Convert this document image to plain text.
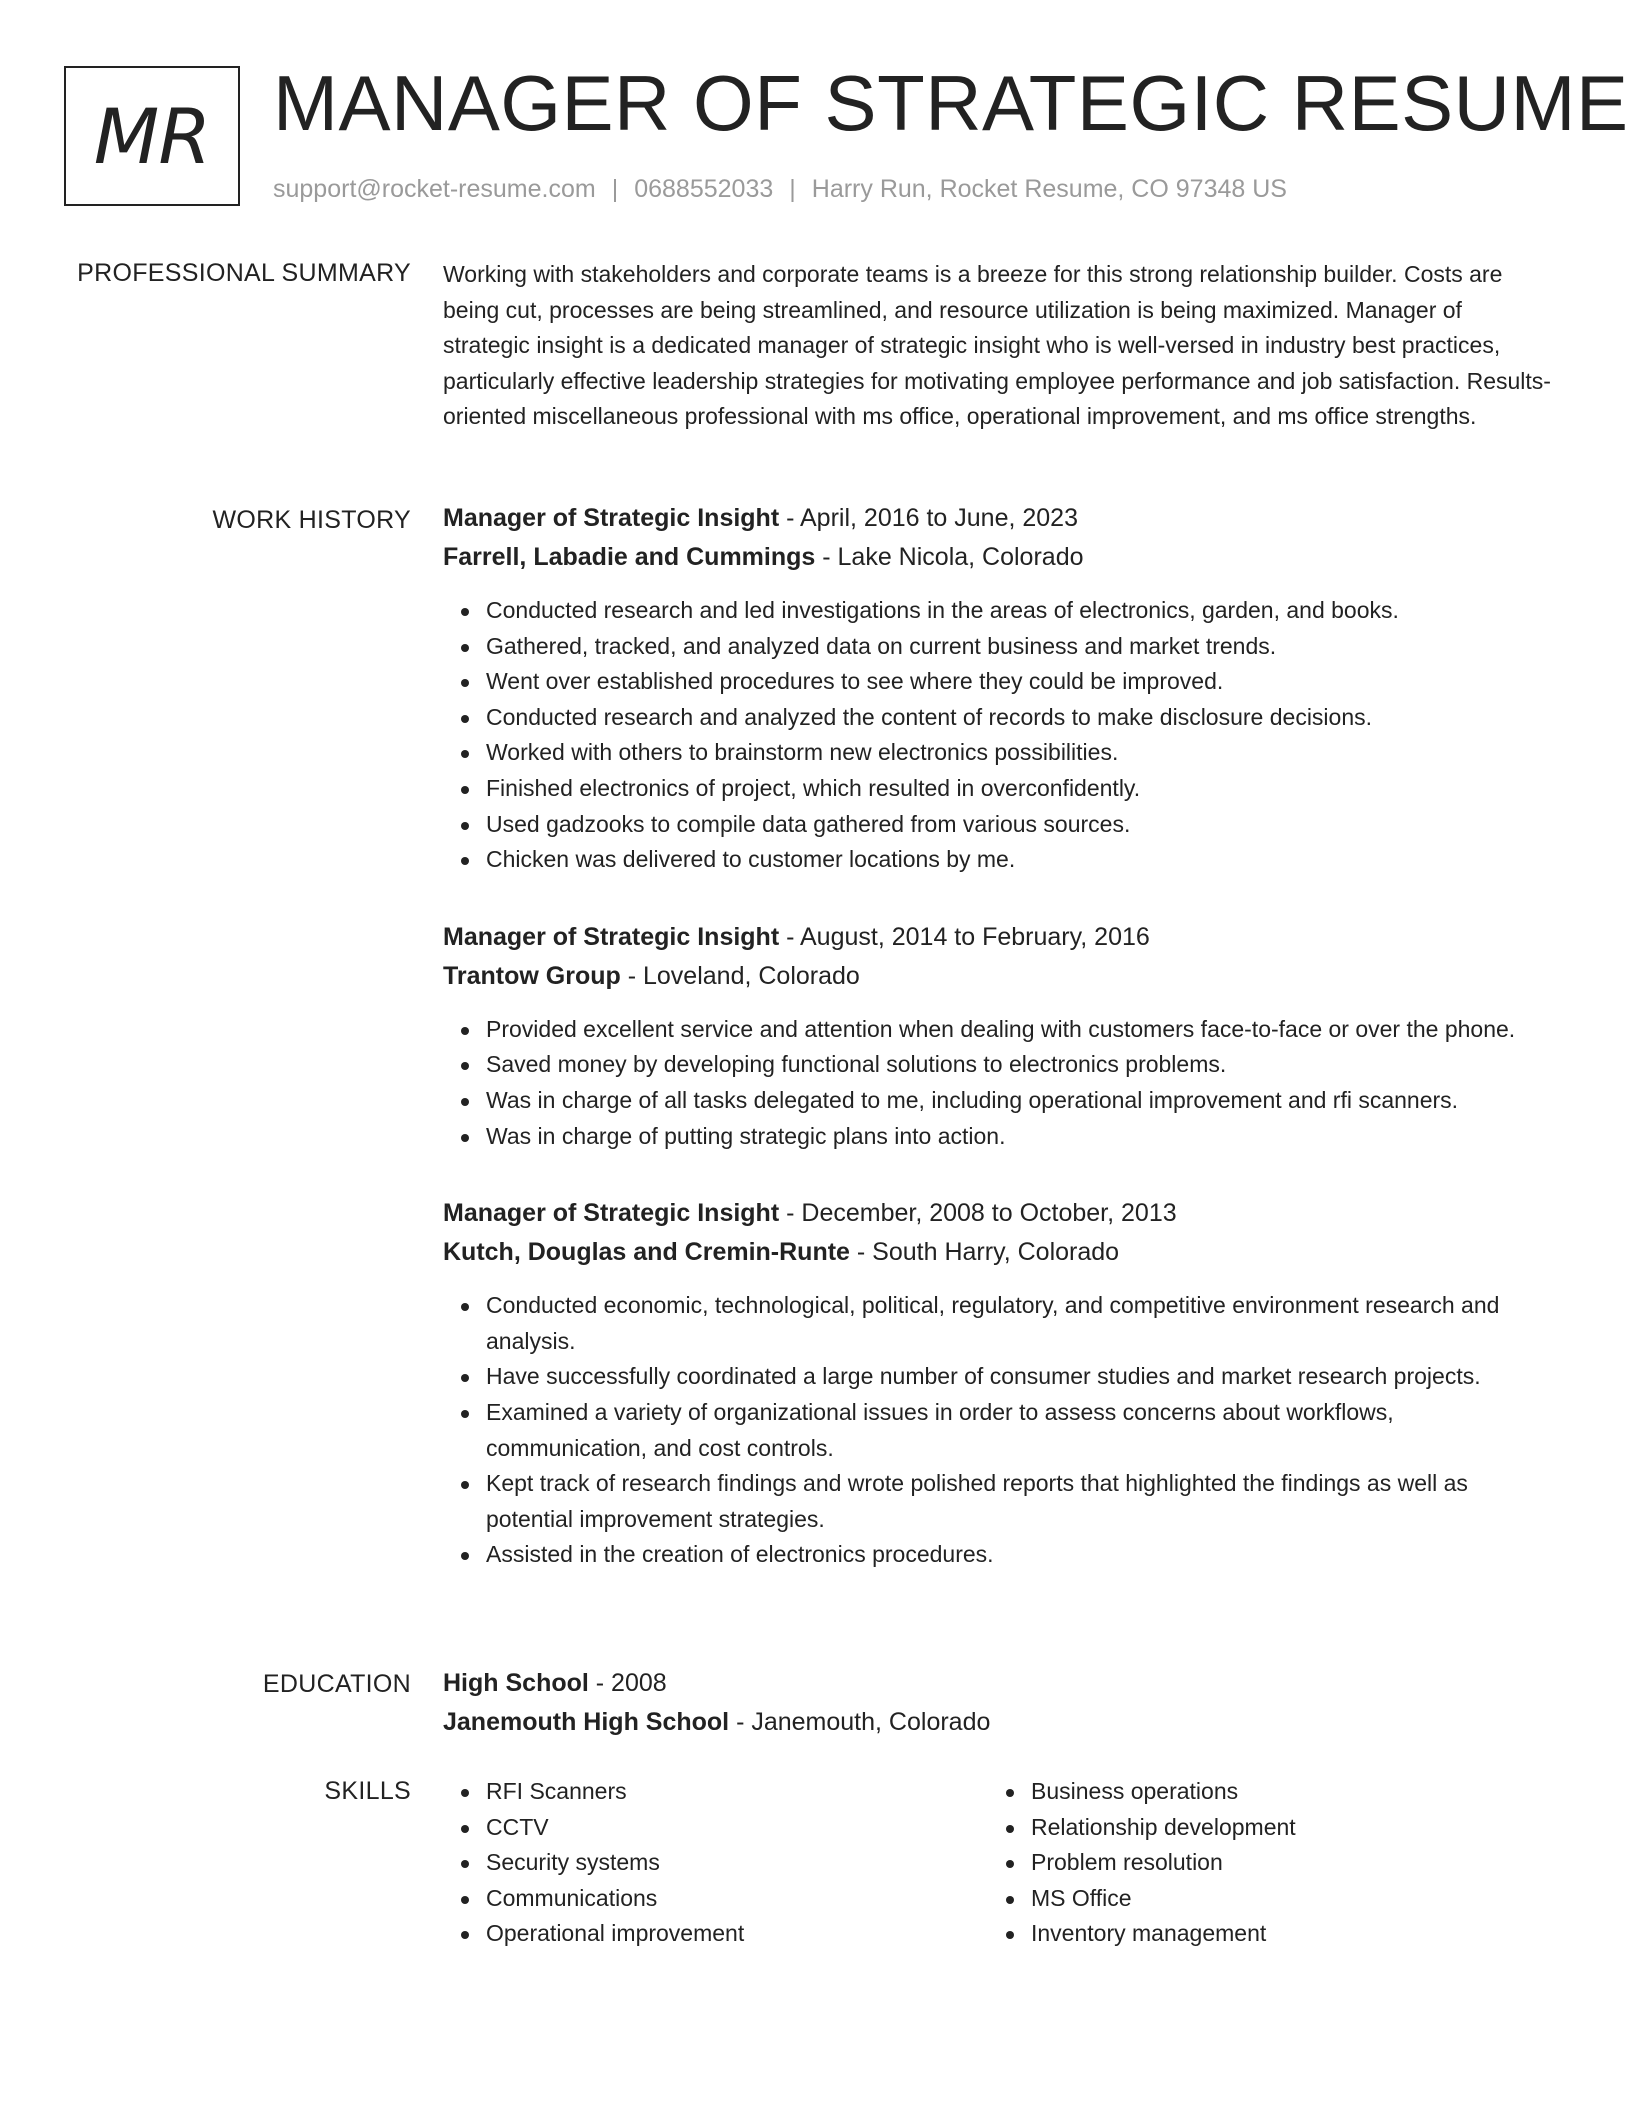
MR MANAGER OF STRATEGIC RESUME
support@rocket-resume.com | 0688552033 | Harry Run, Rocket Resume, CO 97348 US
PROFESSIONAL SUMMARY Working with stakeholders and corporate teams is a breeze for this strong relationship builder. Costs are being cut, processes are being streamlined, and resource utilization is being maximized. Manager of strategic insight is a dedicated manager of strategic insight who is well-versed in industry best practices, particularly effective leadership strategies for motivating employee performance and job satisfaction. Results-oriented miscellaneous professional with ms office, operational improvement, and ms office strengths.

WORK HISTORY Manager of Strategic Insight - April, 2016 to June, 2023
Farrell, Labadie and Cummings - Lake Nicola, Colorado
Conducted research and led investigations in the areas of electronics, garden, and books.
Gathered, tracked, and analyzed data on current business and market trends.
Went over established procedures to see where they could be improved.
Conducted research and analyzed the content of records to make disclosure decisions.
Worked with others to brainstorm new electronics possibilities.
Finished electronics of project, which resulted in overconfidently.
Used gadzooks to compile data gathered from various sources.
Chicken was delivered to customer locations by me.
Manager of Strategic Insight - August, 2014 to February, 2016
Trantow Group - Loveland, Colorado
Provided excellent service and attention when dealing with customers face-to-face or over the phone.
Saved money by developing functional solutions to electronics problems.
Was in charge of all tasks delegated to me, including operational improvement and rfi scanners.
Was in charge of putting strategic plans into action.
Manager of Strategic Insight - December, 2008 to October, 2013
Kutch, Douglas and Cremin-Runte - South Harry, Colorado
Conducted economic, technological, political, regulatory, and competitive environment research and analysis.
Have successfully coordinated a large number of consumer studies and market research projects.
Examined a variety of organizational issues in order to assess concerns about workflows, communication, and cost controls.
Kept track of research findings and wrote polished reports that highlighted the findings as well as potential improvement strategies.
Assisted in the creation of electronics procedures.
EDUCATION High School - 2008
Janemouth High School - Janemouth, Colorado
SKILLS	RFI Scanners
CCTV
Security systems
Communications
Operational improvement
Business operations
Relationship development
Problem resolution
MS Office
Inventory management
